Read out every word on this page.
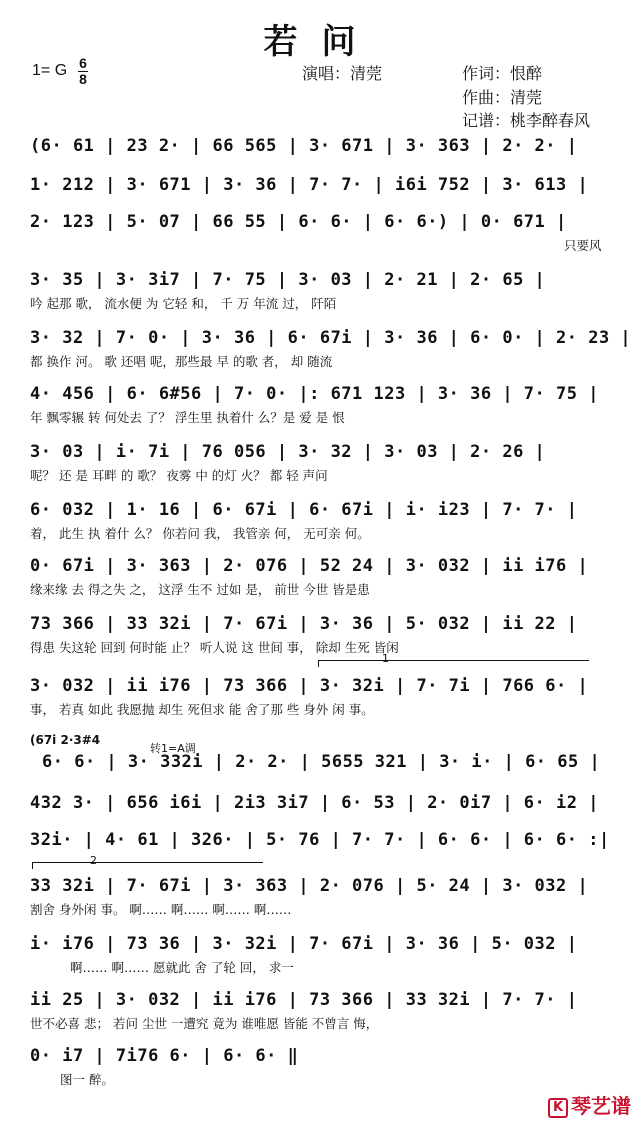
若问
1= G 6
8	演唱：清莞	作词：恨醉
作曲：清莞
记谱：桃李醉春风
(6· 61 | 23 2· | 66 565 | 3· 671 | 3· 363 | 2· 2· |
1· 212 | 3· 671 | 3· 36 | 7· 7· | i6i 752 | 3· 613 |
2· 123 | 5· 07 | 66 55 | 6· 6· | 6· 6·) | 0· 671 |
只要风
3· 35 | 3· 3i7 | 7· 75 | 3· 03 | 2· 21 | 2· 65 |
吟 起那 歌， 流水便 为 它轻 和， 千 万 年流 过， 阡陌
3· 32 | 7· 0· | 3· 36 | 6· 67i | 3· 36 | 6· 0· | 2· 23 |
都 换作 河。 歌 还唱 呢，那些最 早 的歌 者， 却 随流
4· 456 | 6· 6#56 | 7· 0· |: 671 123 | 3· 36 | 7· 75 |
年 飘零辗 转 何处去 了？ 浮生里 执着什 么？是 爱 是 恨
3· 03 | i· 7i | 76 056 | 3· 32 | 3· 03 | 2· 26 |
呢？ 还 是 耳畔 的 歌？ 夜雾 中 的灯 火？ 都 轻 声问
6· 032 | 1· 16 | 6· 67i | 6· 67i | i· i23 | 7· 7· |
着， 此生 执 着什 么？ 你若问 我， 我管亲 何， 无可亲 何。
0· 67i | 3· 363 | 2· 076 | 52 24 | 3· 032 | ii i76 |
缘来缘 去 得之失 之， 这浮 生不 过如 是， 前世 今世 皆是患
73 366 | 33 32i | 7· 67i | 3· 36 | 5· 032 | ii 22 |
得患 失这轮 回到 何时能 止？ 听人说 这 世间 事， 除却 生死 皆闲
1
3· 032 | ii i76 | 73 366 | 3· 32i | 7· 7i | 766 6· |
事， 若真 如此 我愿抛 却生 死但求 能 舍了那 些 身外 闲 事。
(67i 2·3#4
转1=A调
6· 6· | 3· 332i | 2· 2· | 5655 321 | 3· i· | 6· 65 |
432 3· | 656 i6i | 2i3 3i7 | 6· 53 | 2· 0i7 | 6· i2 |
32i· | 4· 61 | 326· | 5· 76 | 7· 7· | 6· 6· | 6· 6· :|
2
33 32i | 7· 67i | 3· 363 | 2· 076 | 5· 24 | 3· 032 |
割舍 身外闲 事。 啊…… 啊…… 啊…… 啊……
i· i76 | 73 36 | 3· 32i | 7· 67i | 3· 36 | 5· 032 |
啊…… 啊…… 愿就此 舍 了轮 回， 求一
ii 25 | 3· 032 | ii i76 | 73 366 | 33 32i | 7· 7· |
世不必喜 悲； 若问 尘世 一遭究 竟为 谁唯愿 皆能 不曾言 悔，
0· i7 | 7i76 6· | 6· 6· ‖
图一 醉。
K 琴艺谱
